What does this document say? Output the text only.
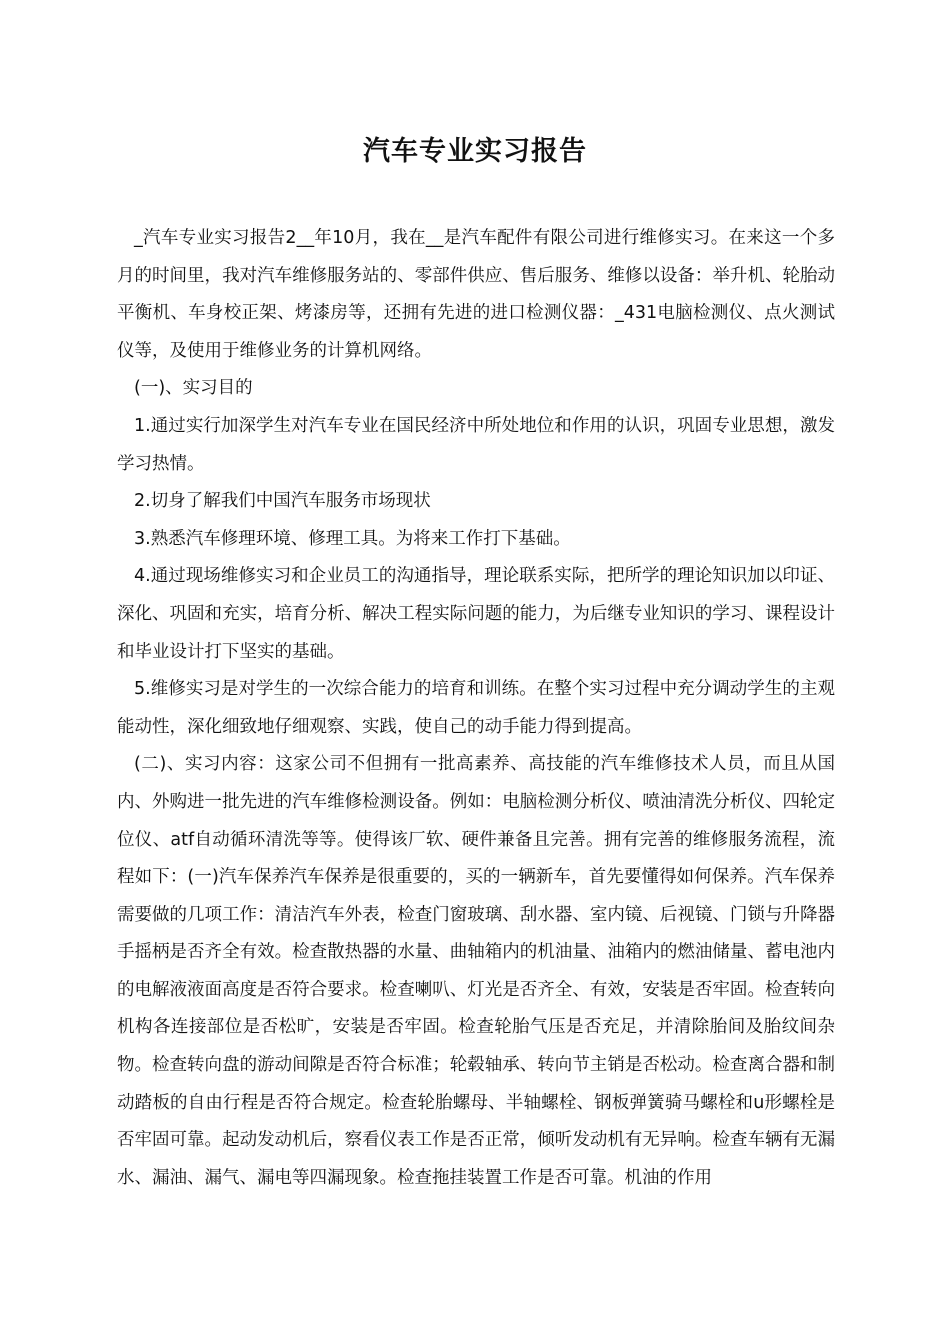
汽车专业实习报告

_汽车专业实习报告2__年10月，我在__是汽车配件有限公司进行维修实习。在来这一个多月的时间里，我对汽车维修服务站的、零部件供应、售后服务、维修以设备：举升机、轮胎动平衡机、车身校正架、烤漆房等，还拥有先进的进口检测仪器：_431电脑检测仪、点火测试仪等，及使用于维修业务的计算机网络。

(一)、实习目的

1.通过实行加深学生对汽车专业在国民经济中所处地位和作用的认识，巩固专业思想，激发学习热情。

2.切身了解我们中国汽车服务市场现状

3.熟悉汽车修理环境、修理工具。为将来工作打下基础。

4.通过现场维修实习和企业员工的沟通指导，理论联系实际，把所学的理论知识加以印证、深化、巩固和充实，培育分析、解决工程实际问题的能力，为后继专业知识的学习、课程设计和毕业设计打下坚实的基础。

5.维修实习是对学生的一次综合能力的培育和训练。在整个实习过程中充分调动学生的主观能动性，深化细致地仔细观察、实践，使自己的动手能力得到提高。

(二)、实习内容：这家公司不但拥有一批高素养、高技能的汽车维修技术人员，而且从国内、外购进一批先进的汽车维修检测设备。例如：电脑检测分析仪、喷油清洗分析仪、四轮定位仪、atf自动循环清洗等等。使得该厂软、硬件兼备且完善。拥有完善的维修服务流程，流程如下：(一)汽车保养汽车保养是很重要的，买的一辆新车，首先要懂得如何保养。汽车保养需要做的几项工作：清洁汽车外表，检查门窗玻璃、刮水器、室内镜、后视镜、门锁与升降器手摇柄是否齐全有效。检查散热器的水量、曲轴箱内的机油量、油箱内的燃油储量、蓄电池内的电解液液面高度是否符合要求。检查喇叭、灯光是否齐全、有效，安装是否牢固。检查转向机构各连接部位是否松旷，安装是否牢固。检查轮胎气压是否充足，并清除胎间及胎纹间杂物。检查转向盘的游动间隙是否符合标准；轮毂轴承、转向节主销是否松动。检查离合器和制动踏板的自由行程是否符合规定。检查轮胎螺母、半轴螺栓、钢板弹簧骑马螺栓和u形螺栓是否牢固可靠。起动发动机后，察看仪表工作是否正常，倾听发动机有无异响。检查车辆有无漏水、漏油、漏气、漏电等四漏现象。检查拖挂装置工作是否可靠。机油的作用
